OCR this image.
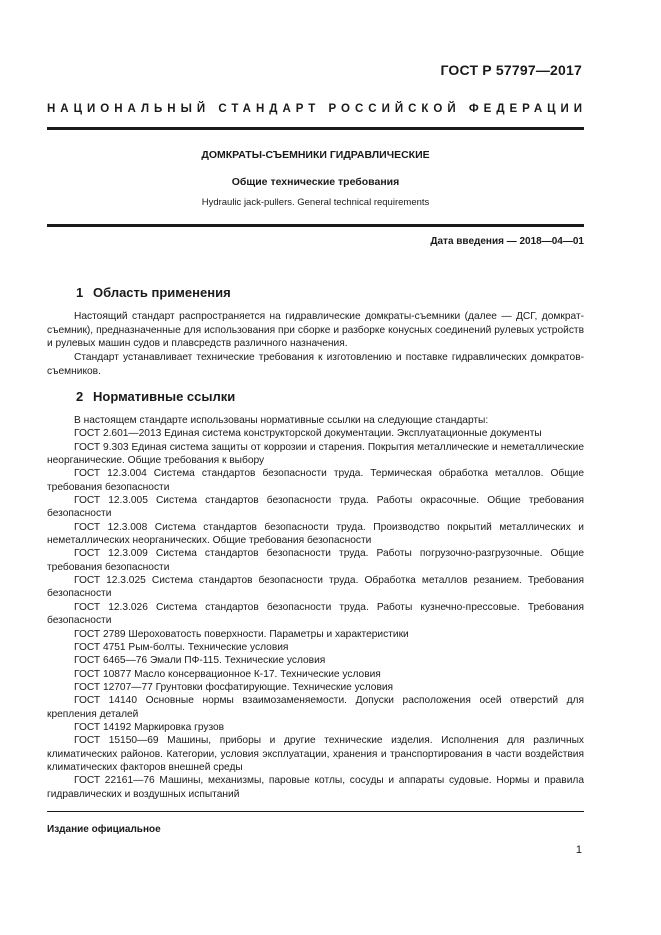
ГОСТ Р 57797—2017
НАЦИОНАЛЬНЫЙ СТАНДАРТ РОССИЙСКОЙ ФЕДЕРАЦИИ
ДОМКРАТЫ-СЪЕМНИКИ ГИДРАВЛИЧЕСКИЕ
Общие технические требования
Hydraulic jack-pullers. General technical requirements
Дата введения — 2018—04—01
1 Область применения

Настоящий стандарт распространяется на гидравлические домкраты-съемники (далее — ДСГ, домкрат-съемник), предназначенные для использования при сборке и разборке конусных соединений рулевых устройств и рулевых машин судов и плавсредств различного назначения.

Стандарт устанавливает технические требования к изготовлению и поставке гидравлических домкратов-съемников.

2 Нормативные ссылки

В настоящем стандарте использованы нормативные ссылки на следующие стандарты:

ГОСТ 2.601—2013 Единая система конструкторской документации. Эксплуатационные документы

ГОСТ 9.303 Единая система защиты от коррозии и старения. Покрытия металлические и неметаллические неорганические. Общие требования к выбору

ГОСТ 12.3.004 Система стандартов безопасности труда. Термическая обработка металлов. Общие требования безопасности

ГОСТ 12.3.005 Система стандартов безопасности труда. Работы окрасочные. Общие требования безопасности

ГОСТ 12.3.008 Система стандартов безопасности труда. Производство покрытий металлических и неметаллических неорганических. Общие требования безопасности

ГОСТ 12.3.009 Система стандартов безопасности труда. Работы погрузочно-разгрузочные. Общие требования безопасности

ГОСТ 12.3.025 Система стандартов безопасности труда. Обработка металлов резанием. Требования безопасности

ГОСТ 12.3.026 Система стандартов безопасности труда. Работы кузнечно-прессовые. Требования безопасности

ГОСТ 2789 Шероховатость поверхности. Параметры и характеристики

ГОСТ 4751 Рым-болты. Технические условия

ГОСТ 6465—76 Эмали ПФ-115. Технические условия

ГОСТ 10877 Масло консервационное К-17. Технические условия

ГОСТ 12707—77 Грунтовки фосфатирующие. Технические условия

ГОСТ 14140 Основные нормы взаимозаменяемости. Допуски расположения осей отверстий для крепления деталей

ГОСТ 14192 Маркировка грузов

ГОСТ 15150—69 Машины, приборы и другие технические изделия. Исполнения для различных климатических районов. Категории, условия эксплуатации, хранения и транспортирования в части воздействия климатических факторов внешней среды

ГОСТ 22161—76 Машины, механизмы, паровые котлы, сосуды и аппараты судовые. Нормы и правила гидравлических и воздушных испытаний

Издание официальное
1
